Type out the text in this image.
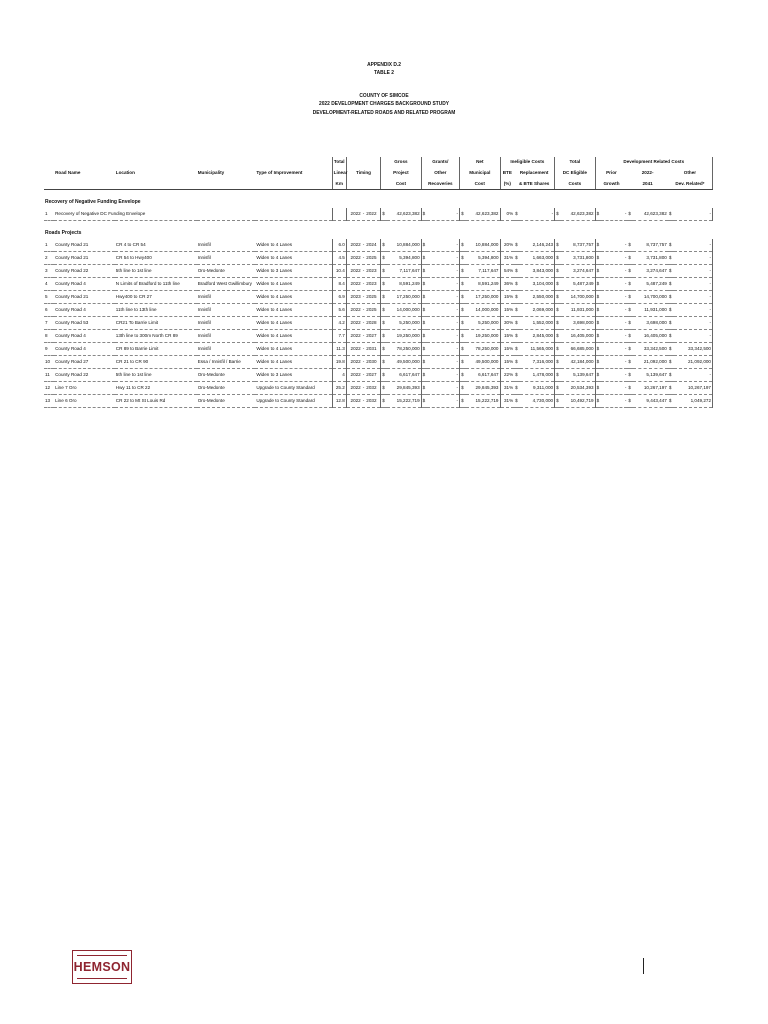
APPENDIX D.2
TABLE 2
COUNTY OF SIMCOE
2022 DEVELOPMENT CHARGES BACKGROUND STUDY
DEVELOPMENT-RELATED ROADS AND RELATED PROGRAM
					Total		Gross		Grants/		Net		Ineligible Costs			Total		Development Related Costs					
	Road Name	Location	Municipality	Type of Improvement	Linear	Timing	Project		Other		Municipal		BTE	Replacement		DC Eligible		Prior		2022-		Other	
					Km		Cost		Recoveries		Cost		(%)	& BTE Shares		Costs		Growth		2041		Dev. Related*	

Recovery of Negative Funding Envelope																							
1	Recovery of Negative DC Funding Envelope					2022 - 2022	$	42,623,382	$	-	$	42,623,382	0%	$	-	$	42,623,382	$	-	$	42,623,382	$	-

Roads Projects																							
1	County Road 21	CR 4 to CR 54	Innisfil	Widen to 4 Lanes	6.0	2022 - 2024	$	10,884,000	$	-	$	10,884,000	20%	$	2,146,243	$	8,737,757	$	-	$	8,737,757	$	-
2	County Road 21	CR 54 to Hwy400	Innisfil	Widen to 4 Lanes	4.5	2022 - 2025	$	5,394,800	$	-	$	5,394,800	31%	$	1,663,000	$	3,731,800	$	-	$	3,731,800	$	-
3	County Road 22	5th line to 1st line	Oro-Medonte	Widen to 3 Lanes	10.4	2022 - 2023	$	7,117,647	$	-	$	7,117,647	54%	$	3,843,000	$	3,274,647	$	-	$	3,274,647	$	-
4	County Road 4	N Limits of Bradford to 11th line	Bradford West Gwillimbury	Widen to 4 Lanes	8.4	2022 - 2023	$	8,591,249	$	-	$	8,591,249	36%	$	3,104,000	$	5,487,249	$	-	$	5,487,249	$	-
5	County Road 21	Hwy400 to CR 27	Innisfil	Widen to 4 Lanes	6.9	2023 - 2025	$	17,250,000	$	-	$	17,250,000	15%	$	2,550,000	$	14,700,000	$	-	$	14,700,000	$	-
6	County Road 4	11th line to 13th line	Innisfil	Widen to 4 Lanes	5.6	2022 - 2025	$	14,000,000	$	-	$	14,000,000	15%	$	2,069,000	$	11,931,000	$	-	$	11,931,000	$	-
7	County Road 53	CR21 To Barrie Limit	Innisfil	Widen to 4 Lanes	4.2	2022 - 2028	$	5,250,000	$	-	$	5,250,000	30%	$	1,552,000	$	3,698,000	$	-	$	3,698,000	$	-
8	County Road 4	13th line to 300m North CR 89	Innisfil	Widen to 4 Lanes	7.7	2022 - 2027	$	19,250,000	$	-	$	19,250,000	15%	$	2,845,000	$	16,405,000	$	-	$	16,405,000	$	-
9	County Road 4	CR 89 to Barrie Limit	Innisfil	Widen to 4 Lanes	11.3	2022 - 2031	$	78,250,000	$	-	$	78,250,000	15%	$	11,565,000	$	66,685,000	$	-	$	33,342,500	$	33,342,500
10	County Road 27	CR 21 to CR 90	Essa / Innisfil / Barrie	Widen to 4 Lanes	19.8	2022 - 2030	$	49,500,000	$	-	$	49,500,000	15%	$	7,316,000	$	42,184,000	$	-	$	21,092,000	$	21,092,000
11	County Road 22	5th line to 1st line	Oro-Medonte	Widen to 3 Lanes	4	2022 - 2027	$	6,617,647	$	-	$	6,617,647	22%	$	1,478,000	$	5,139,647	$	-	$	5,139,647	$	-
12	Line 7 Oro	Hwy 11 to CR 22	Oro-Medonte	Upgrade to County Standard	25.2	2022 - 2032	$	29,845,393	$	-	$	29,845,393	31%	$	9,311,000	$	20,534,393	$	-	$	10,267,197	$	10,267,197
13	Line 6 Oro	CR 22 to Mt St Louis Rd	Oro-Medonte	Upgrade to County Standard	12.8	2022 - 2032	$	15,222,719	$	-	$	15,222,719	31%	$	4,730,000	$	10,492,719	$	-	$	9,443,447	$	1,049,272
HEMSON
